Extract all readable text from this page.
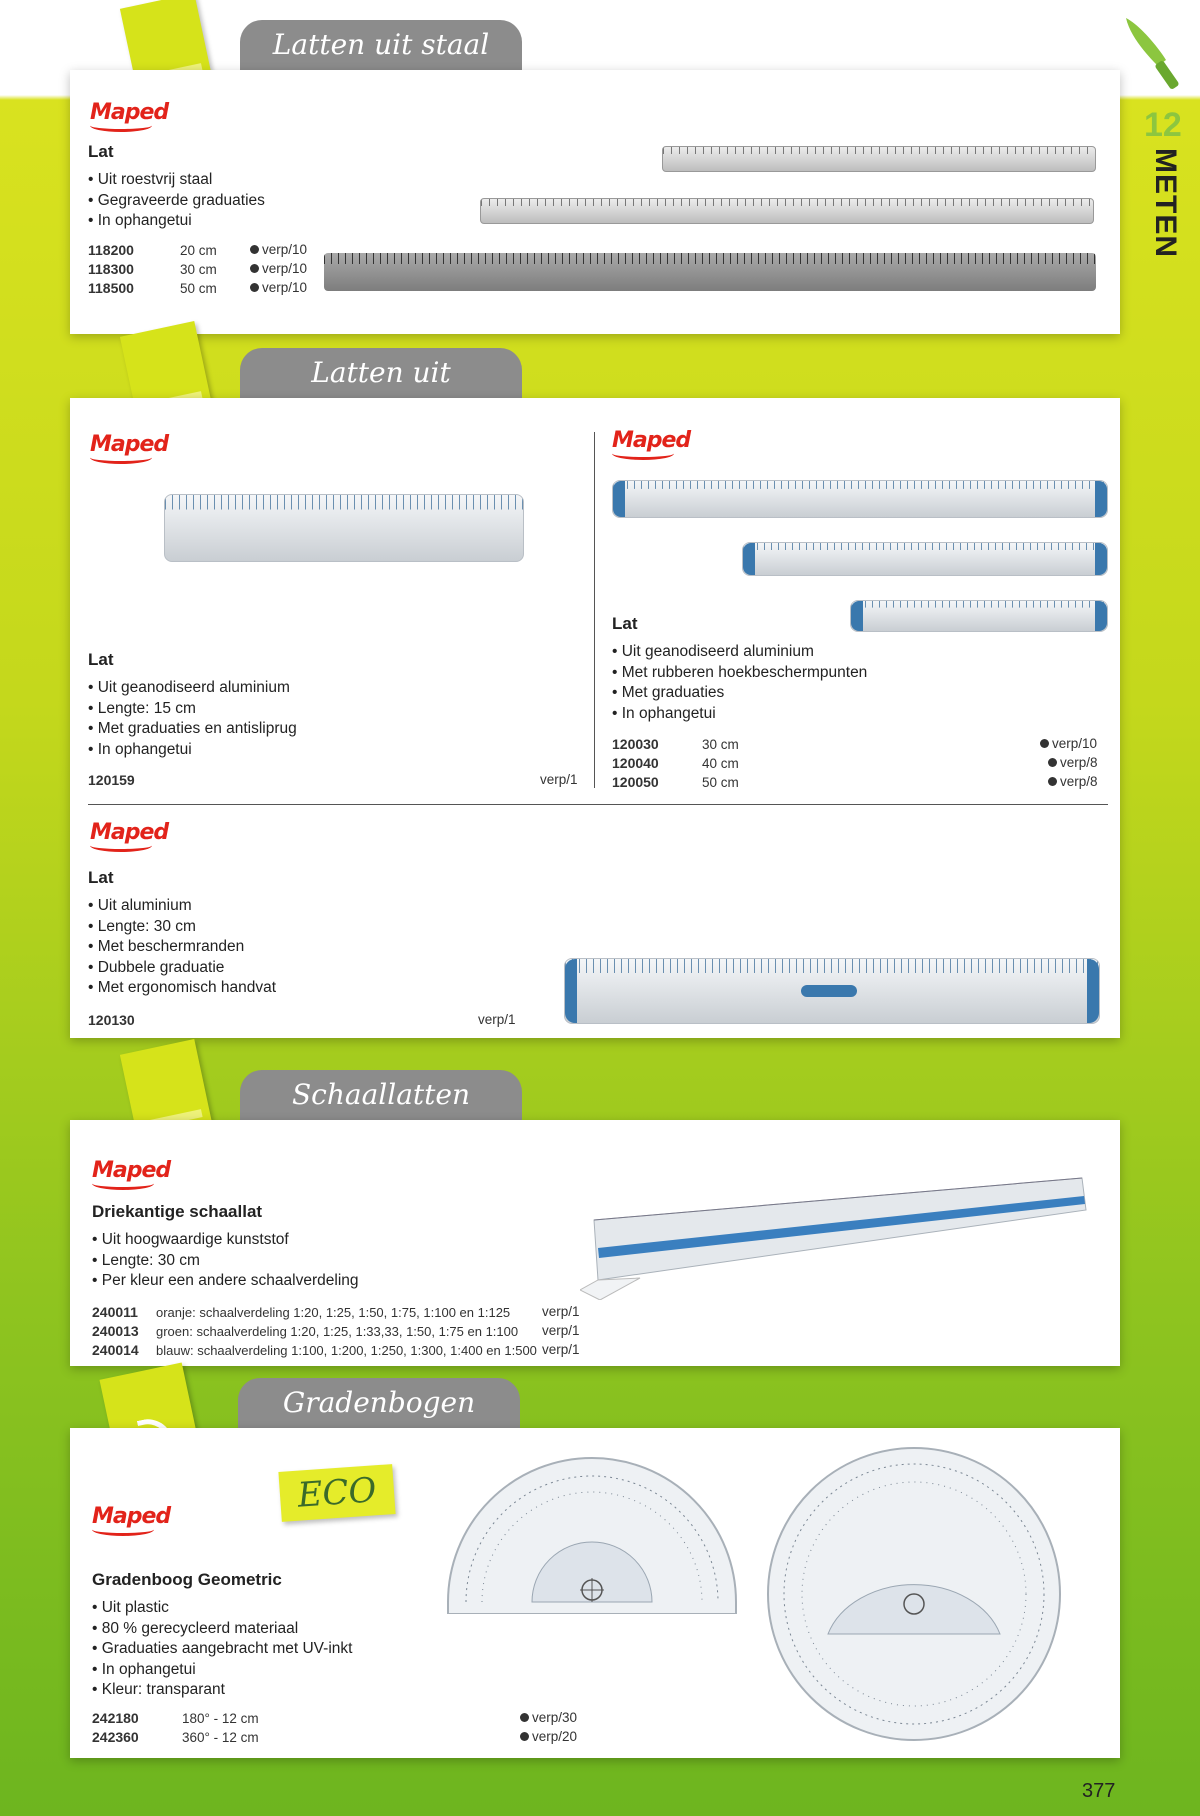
12
METEN
Latten uit staal
Maped
Lat
• Uit roestvrij staal
• Gegraveerde graduaties
• In ophangetui
118200	20 cm	verp/10
118300	30 cm	verp/10
118500	50 cm	verp/10
Latten uit
Maped
Lat
• Uit geanodiseerd aluminium
• Lengte: 15 cm
• Met graduaties en antisliprug
• In ophangetui
120159	verp/1
Maped
Lat
• Uit geanodiseerd aluminium
• Met rubberen hoekbeschermpunten
• Met graduaties
• In ophangetui
120030	30 cm	verp/10
120040	40 cm	verp/8
120050	50 cm	verp/8
Maped
Lat
• Uit aluminium
• Lengte: 30 cm
• Met beschermranden
• Dubbele graduatie
• Met ergonomisch handvat
120130	verp/1
Schaallatten
Maped
Driekantige schaallat
• Uit hoogwaardige kunststof
• Lengte: 30 cm
• Per kleur een andere schaalverdeling
240011 oranje: schaalverdeling 1:20, 1:25, 1:50, 1:75, 1:100 en 1:125 verp/1
240013 groen: schaalverdeling 1:20, 1:25, 1:33,33, 1:50, 1:75 en 1:100 verp/1
240014 blauw: schaalverdeling 1:100, 1:200, 1:250, 1:300, 1:400 en 1:500 verp/1
Gradenbogen
ECO
Maped
Gradenboog Geometric
• Uit plastic
• 80 % gerecycleerd materiaal
• Graduaties aangebracht met UV-inkt
• In ophangetui
• Kleur: transparant
242180	180° - 12 cm	verp/30
242360	360° - 12 cm	verp/20
377
